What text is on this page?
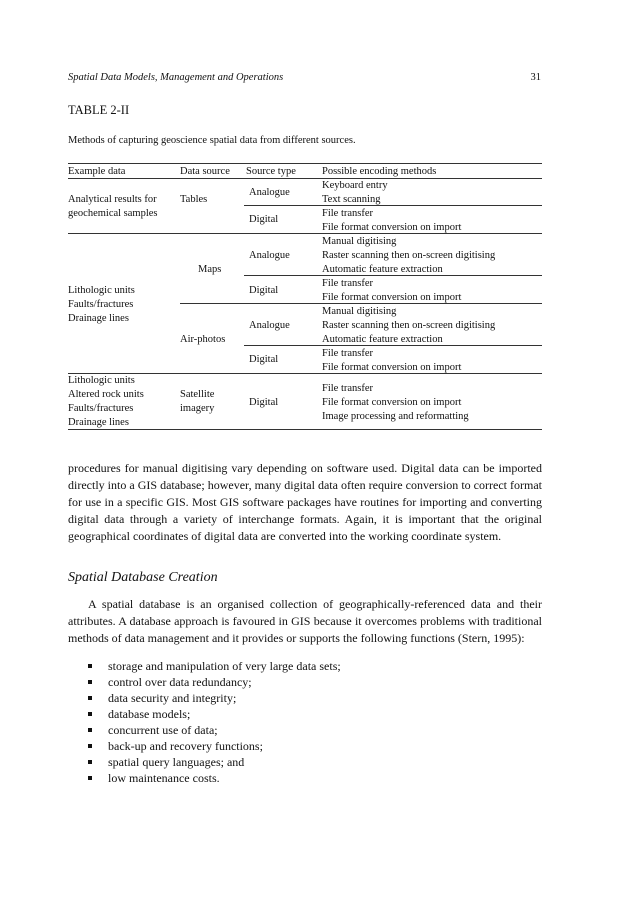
Spatial Data Models, Management and Operations	31
TABLE 2-II
Methods of capturing geoscience spatial data from different sources.
Example data	Data source Source type Possible encoding methods
Analytical results for
geochemical samples
Tables
Analogue
Keyboard entry
Text scanning
Digital
File transfer
File format conversion on import
Lithologic units
Faults/fractures
Drainage lines
Maps
Analogue
Manual digitising
Raster scanning then on-screen digitising
Automatic feature extraction
Digital
File transfer
File format conversion on import
Air-photos
Analogue
Manual digitising
Raster scanning then on-screen digitising
Automatic feature extraction
Digital
File transfer
File format conversion on import
Lithologic units
Altered rock units
Faults/fractures
Drainage lines
Satellite
imagery
Digital
File transfer
File format conversion on import
Image processing and reformatting
procedures for manual digitising vary depending on software used. Digital data can be imported directly into a GIS database; however, many digital data often require conversion to correct format for use in a specific GIS. Most GIS software packages have routines for importing and converting digital data through a variety of interchange formats. Again, it is important that the original geographical coordinates of digital data are converted into the working coordinate system.
Spatial Database Creation
A spatial database is an organised collection of geographically-referenced data and their attributes. A database approach is favoured in GIS because it overcomes problems with traditional methods of data management and it provides or supports the following functions (Stern, 1995):
storage and manipulation of very large data sets;
control over data redundancy;
data security and integrity;
database models;
concurrent use of data;
back-up and recovery functions;
spatial query languages; and
low maintenance costs.
